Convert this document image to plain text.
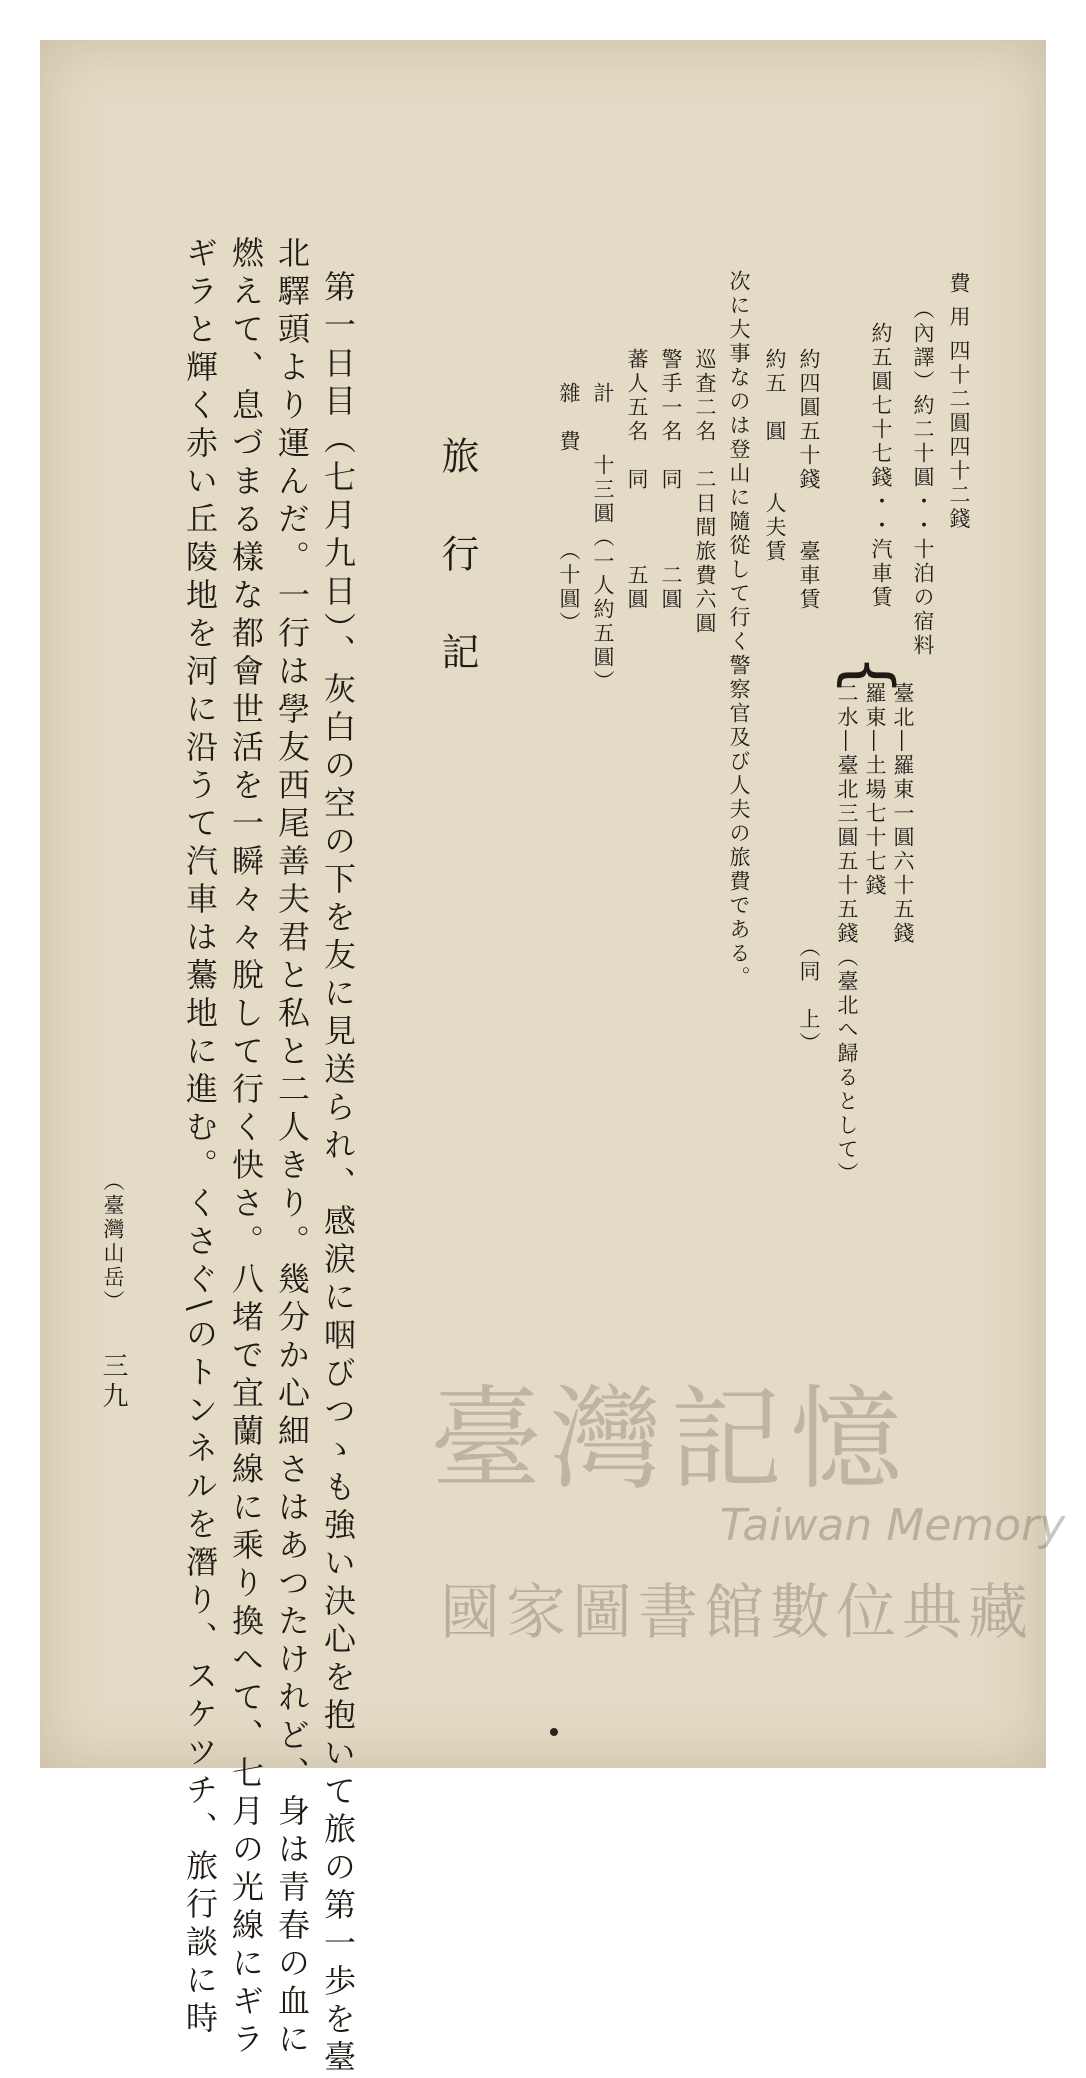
費 用 四十二圓四十二錢
（內譯）約二十圓・・十泊の宿料
約五圓七十七錢・・汽車賃
{
臺北―羅東一圓六十五錢
羅東―土場七十七錢
二水―臺北三圓五十五錢（臺北へ歸るとして）
約四圓五十錢　　臺車賃
（同　上）
約五　圓　　人夫賃
次に大事なのは登山に隨從して行く警察官及び人夫の旅費である。
巡査二名　二日間旅費六圓
警手一名　同　　　二圓
蕃人五名　同　　　五圓
計　　十三圓（一人約五圓）
雜　費　　　　（十圓）
旅行記
第一日目（七月九日）、灰白の空の下を友に見送られ、感涙に咽びつゝも強い決心を抱いて旅の第一歩を臺
北驛頭より運んだ。一行は學友西尾善夫君と私と二人きり。幾分か心細さはあつたけれど、身は青春の血に
燃えて、息づまる樣な都會世活を一瞬々々脫して行く快さ。八堵で宜蘭線に乘り換へて、七月の光線にギラ
ギラと輝く赤い丘陵地を河に沿うて汽車は驀地に進む。くさぐ\のトンネルを潛り、スケツチ、旅行談に時
（臺灣山岳）
三九	臺灣記憶
Taiwan Memory
國家圖書館數位典藏
